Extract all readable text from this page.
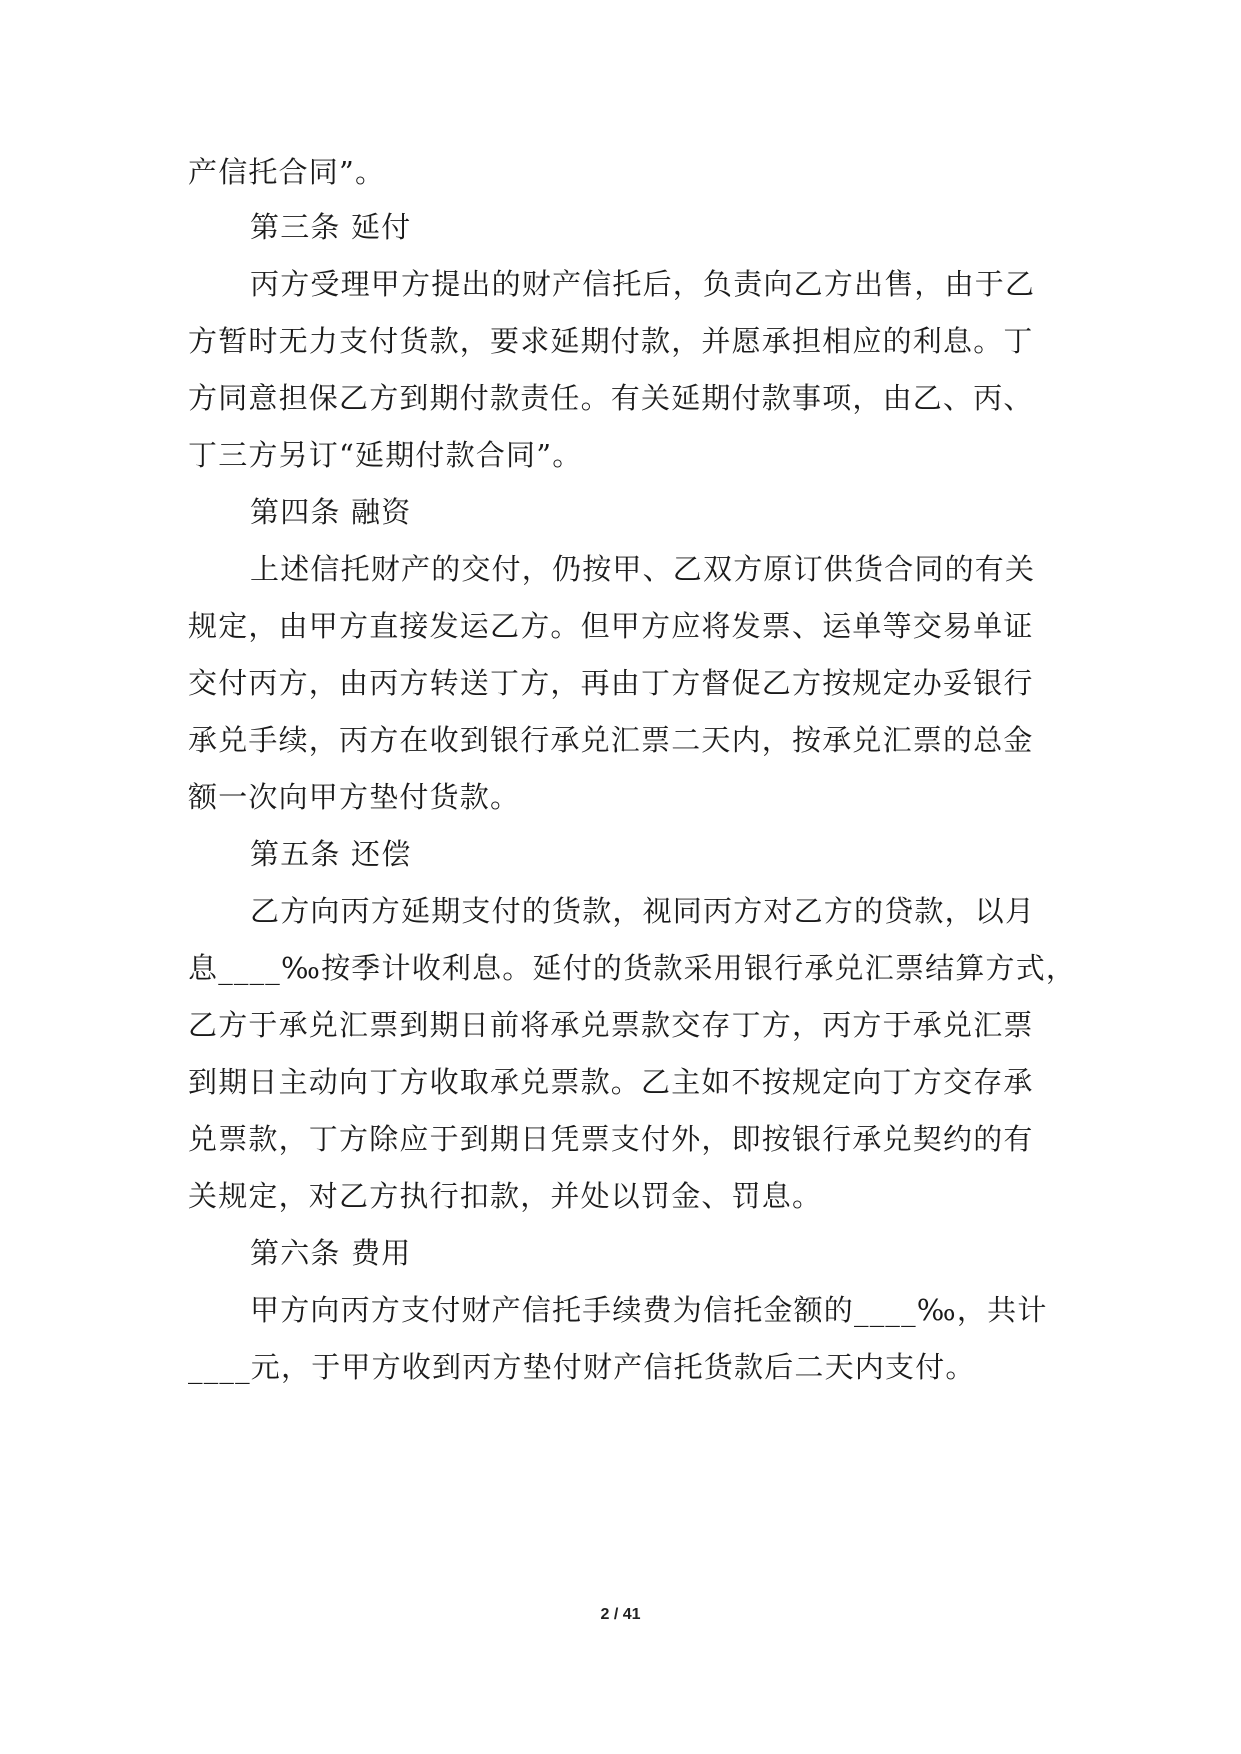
产信托合同”。
第三条 延付
丙方受理甲方提出的财产信托后，负责向乙方出售，由于乙
方暂时无力支付货款，要求延期付款，并愿承担相应的利息。丁
方同意担保乙方到期付款责任。有关延期付款事项，由乙、丙、
丁三方另订“延期付款合同”。
第四条 融资
上述信托财产的交付，仍按甲、乙双方原订供货合同的有关
规定，由甲方直接发运乙方。但甲方应将发票、运单等交易单证
交付丙方，由丙方转送丁方，再由丁方督促乙方按规定办妥银行
承兑手续，丙方在收到银行承兑汇票二天内，按承兑汇票的总金
额一次向甲方垫付货款。
第五条 还偿
乙方向丙方延期支付的货款，视同丙方对乙方的贷款，以月
息____‰按季计收利息。延付的货款采用银行承兑汇票结算方式，
乙方于承兑汇票到期日前将承兑票款交存丁方，丙方于承兑汇票
到期日主动向丁方收取承兑票款。乙主如不按规定向丁方交存承
兑票款，丁方除应于到期日凭票支付外，即按银行承兑契约的有
关规定，对乙方执行扣款，并处以罚金、罚息。
第六条 费用
甲方向丙方支付财产信托手续费为信托金额的____‰，共计
____元，于甲方收到丙方垫付财产信托货款后二天内支付。
2 / 41
